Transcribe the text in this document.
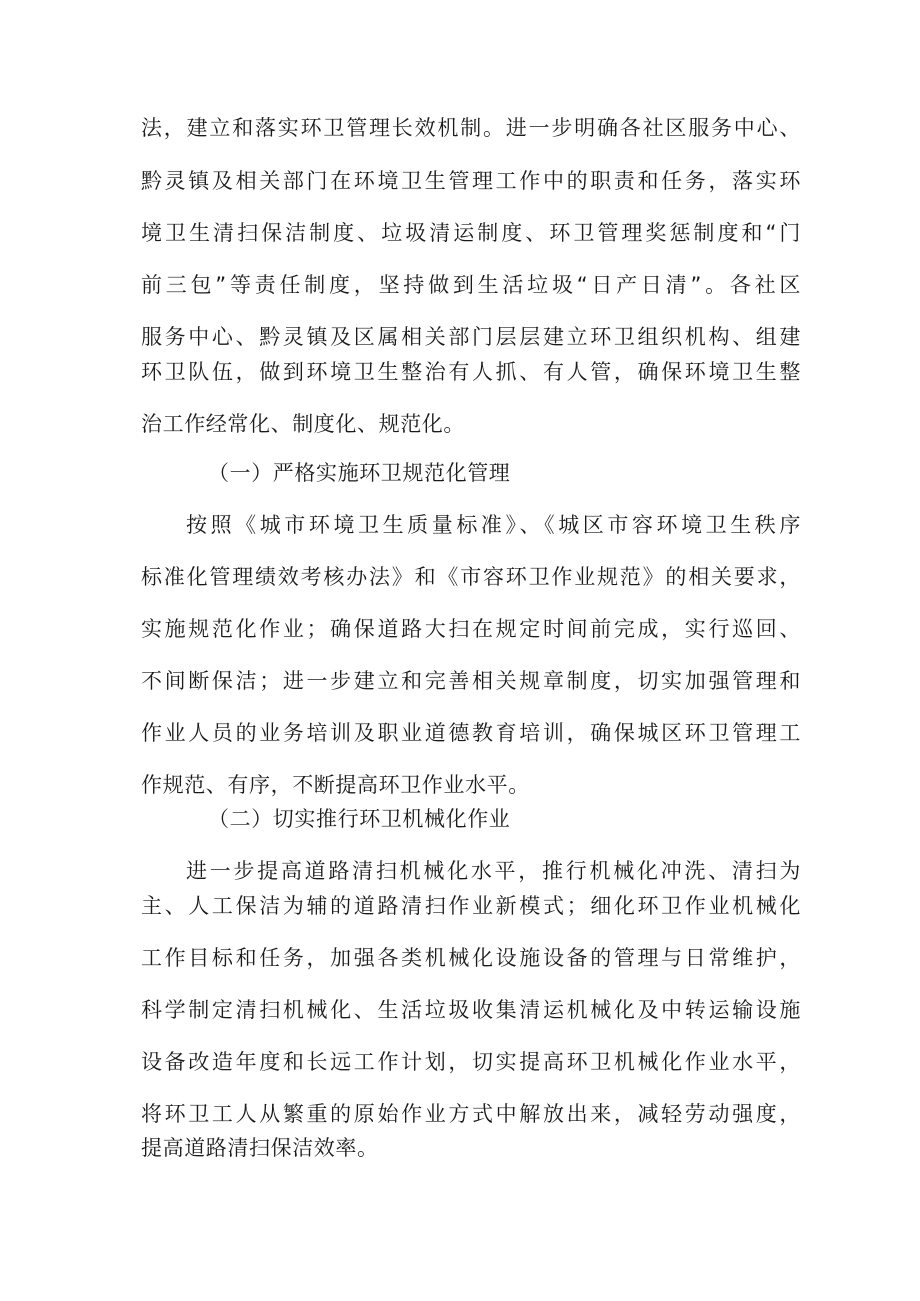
法，建立和落实环卫管理长效机制。进一步明确各社区服务中心、
黔灵镇及相关部门在环境卫生管理工作中的职责和任务，落实环
境卫生清扫保洁制度、垃圾清运制度、环卫管理奖惩制度和“门
前三包”等责任制度，坚持做到生活垃圾“日产日清”。各社区
服务中心、黔灵镇及区属相关部门层层建立环卫组织机构、组建
环卫队伍，做到环境卫生整治有人抓、有人管，确保环境卫生整
治工作经常化、制度化、规范化。
（一）严格实施环卫规范化管理
按照《城市环境卫生质量标准》、《城区市容环境卫生秩序
标准化管理绩效考核办法》和《市容环卫作业规范》的相关要求，
实施规范化作业；确保道路大扫在规定时间前完成，实行巡回、
不间断保洁；进一步建立和完善相关规章制度，切实加强管理和
作业人员的业务培训及职业道德教育培训，确保城区环卫管理工
作规范、有序，不断提高环卫作业水平。
（二）切实推行环卫机械化作业
进一步提高道路清扫机械化水平，推行机械化冲洗、清扫为
主、人工保洁为辅的道路清扫作业新模式；细化环卫作业机械化
工作目标和任务，加强各类机械化设施设备的管理与日常维护，
科学制定清扫机械化、生活垃圾收集清运机械化及中转运输设施
设备改造年度和长远工作计划，切实提高环卫机械化作业水平，
将环卫工人从繁重的原始作业方式中解放出来，减轻劳动强度，
提高道路清扫保洁效率。
